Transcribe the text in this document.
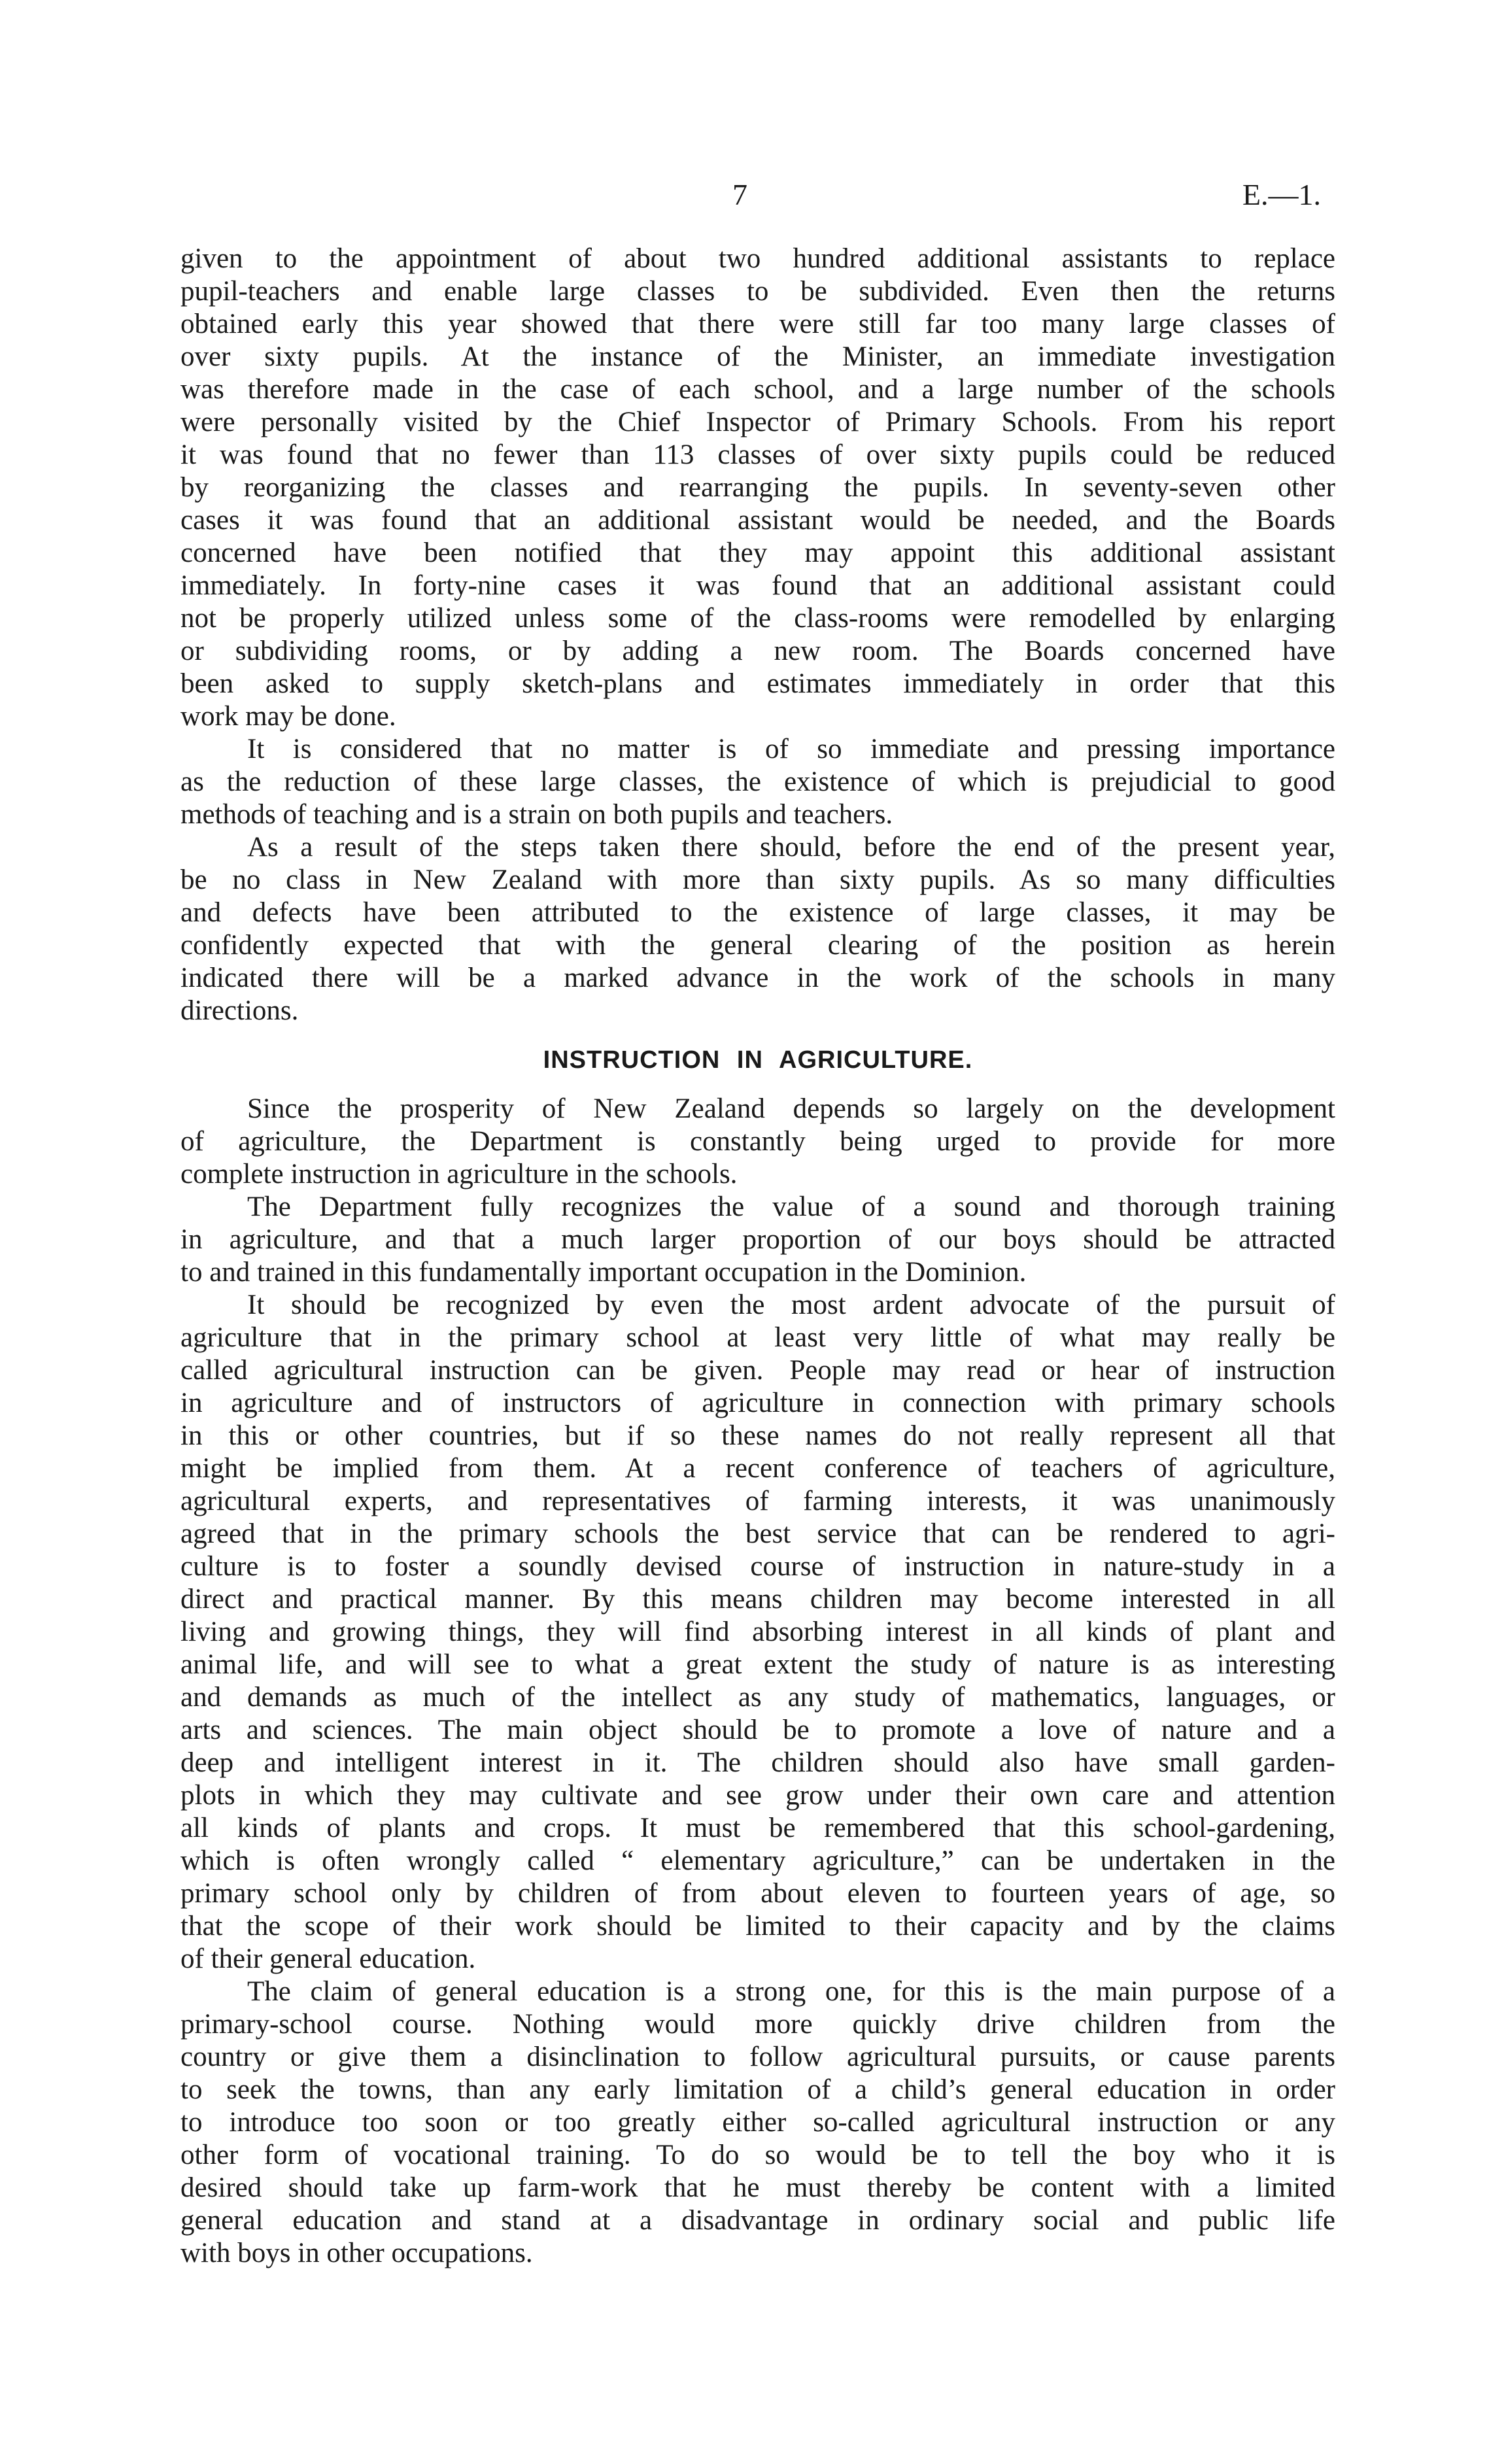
7	E.—1.
given to the appointment of about two hundred additional assistants to replace
pupil-teachers and enable large classes to be subdivided. Even then the returns
obtained early this year showed that there were still far too many large classes of
over sixty pupils. At the instance of the Minister, an immediate investigation
was therefore made in the case of each school, and a large number of the schools
were personally visited by the Chief Inspector of Primary Schools. From his report
it was found that no fewer than 113 classes of over sixty pupils could be reduced
by reorganizing the classes and rearranging the pupils. In seventy-seven other
cases it was found that an additional assistant would be needed, and the Boards
concerned have been notified that they may appoint this additional assistant
immediately. In forty-nine cases it was found that an additional assistant could
not be properly utilized unless some of the class-rooms were remodelled by enlarging
or subdividing rooms, or by adding a new room. The Boards concerned have
been asked to supply sketch-plans and estimates immediately in order that this
work may be done.
It is considered that no matter is of so immediate and pressing importance
as the reduction of these large classes, the existence of which is prejudicial to good
methods of teaching and is a strain on both pupils and teachers.
As a result of the steps taken there should, before the end of the present year,
be no class in New Zealand with more than sixty pupils. As so many difficulties
and defects have been attributed to the existence of large classes, it may be
confidently expected that with the general clearing of the position as herein
indicated there will be a marked advance in the work of the schools in many
directions.
INSTRUCTION IN AGRICULTURE.
Since the prosperity of New Zealand depends so largely on the development
of agriculture, the Department is constantly being urged to provide for more
complete instruction in agriculture in the schools.
The Department fully recognizes the value of a sound and thorough training
in agriculture, and that a much larger proportion of our boys should be attracted
to and trained in this fundamentally important occupation in the Dominion.
It should be recognized by even the most ardent advocate of the pursuit of
agriculture that in the primary school at least very little of what may really be
called agricultural instruction can be given. People may read or hear of instruction
in agriculture and of instructors of agriculture in connection with primary schools
in this or other countries, but if so these names do not really represent all that
might be implied from them. At a recent conference of teachers of agriculture,
agricultural experts, and representatives of farming interests, it was unanimously
agreed that in the primary schools the best service that can be rendered to agri-
culture is to foster a soundly devised course of instruction in nature-study in a
direct and practical manner. By this means children may become interested in all
living and growing things, they will find absorbing interest in all kinds of plant and
animal life, and will see to what a great extent the study of nature is as interesting
and demands as much of the intellect as any study of mathematics, languages, or
arts and sciences. The main object should be to promote a love of nature and a
deep and intelligent interest in it. The children should also have small garden-
plots in which they may cultivate and see grow under their own care and attention
all kinds of plants and crops. It must be remembered that this school-gardening,
which is often wrongly called “ elementary agriculture,” can be undertaken in the
primary school only by children of from about eleven to fourteen years of age, so
that the scope of their work should be limited to their capacity and by the claims
of their general education.
The claim of general education is a strong one, for this is the main purpose of a
primary-school course. Nothing would more quickly drive children from the
country or give them a disinclination to follow agricultural pursuits, or cause parents
to seek the towns, than any early limitation of a child’s general education in order
to introduce too soon or too greatly either so-called agricultural instruction or any
other form of vocational training. To do so would be to tell the boy who it is
desired should take up farm-work that he must thereby be content with a limited
general education and stand at a disadvantage in ordinary social and public life
with boys in other occupations.
